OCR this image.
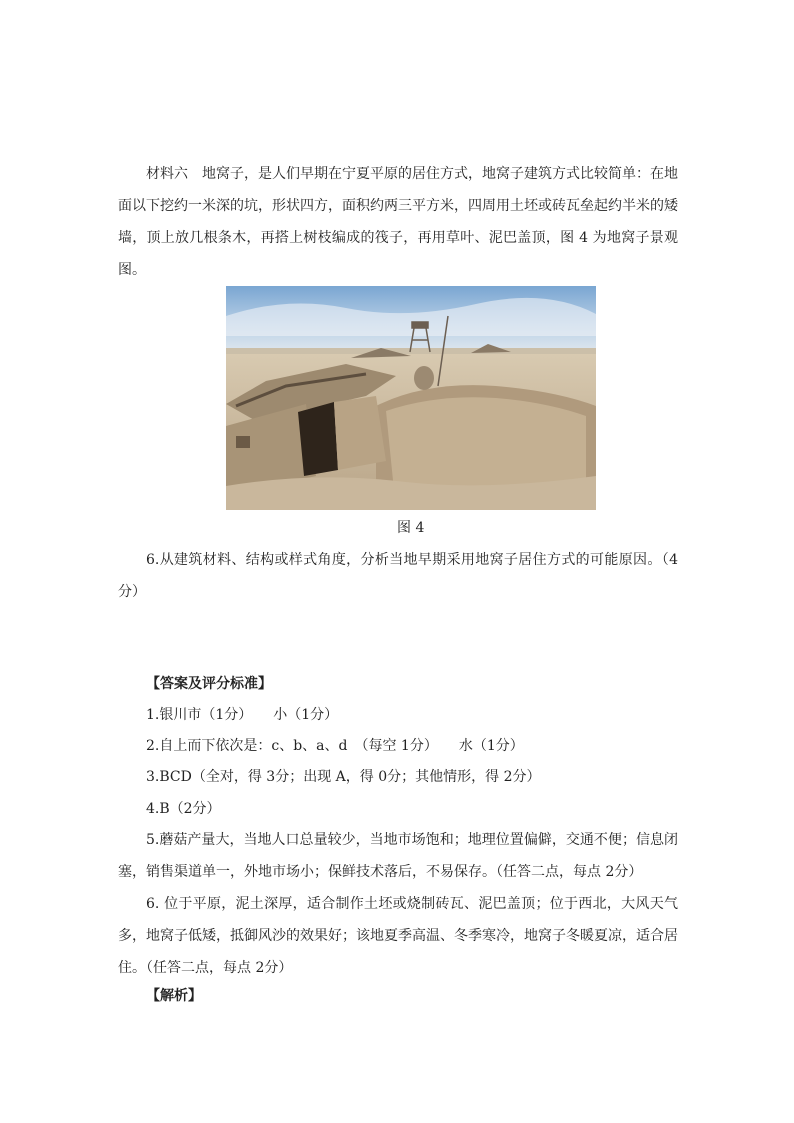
材料六　地窝子，是人们早期在宁夏平原的居住方式，地窝子建筑方式比较简单：在地面以下挖约一米深的坑，形状四方，面积约两三平方米，四周用土坯或砖瓦垒起约半米的矮墙，顶上放几根条木，再搭上树枝编成的筏子，再用草叶、泥巴盖顶，图 4 为地窝子景观图。

图 4

6.从建筑材料、结构或样式角度，分析当地早期采用地窝子居住方式的可能原因。（4分）

【答案及评分标准】
1.银川市（1分）　　小（1分）
2.自上而下依次是：c、b、a、d　（每空 1分）　　水（1分）
3.BCD（全对，得 3分；出现 A，得 0分；其他情形，得 2分）
4.B（2分）

5.蘑菇产量大，当地人口总量较少，当地市场饱和；地理位置偏僻，交通不便；信息闭塞，销售渠道单一，外地市场小；保鲜技术落后，不易保存。（任答二点，每点 2分）

6. 位于平原，泥土深厚，适合制作土坯或烧制砖瓦、泥巴盖顶；位于西北，大风天气多，地窝子低矮，抵御风沙的效果好；该地夏季高温、冬季寒冷，地窝子冬暖夏凉，适合居住。（任答二点，每点 2分）

【解析】
